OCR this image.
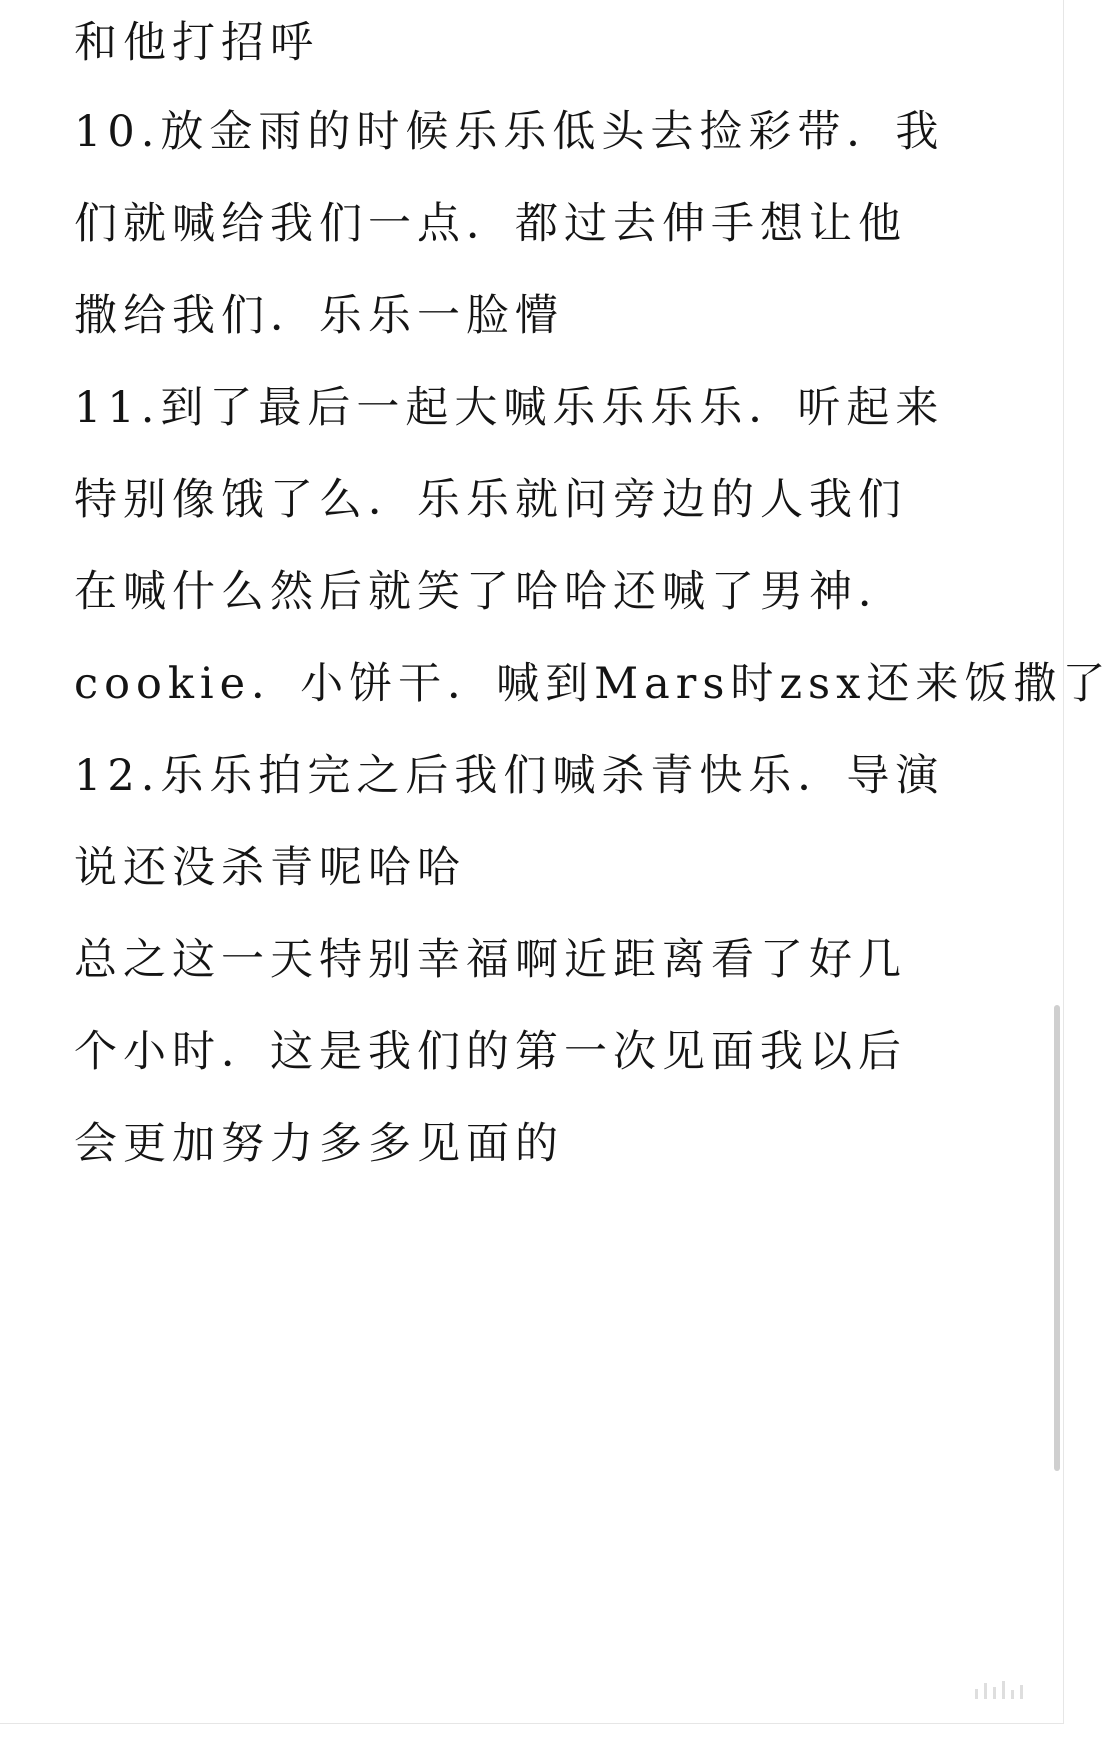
和他打招呼
10.放金雨的时候乐乐低头去捡彩带．我
们就喊给我们一点．都过去伸手想让他
撒给我们．乐乐一脸懵
11.到了最后一起大喊乐乐乐乐．听起来
特别像饿了么．乐乐就问旁边的人我们
在喊什么然后就笑了哈哈还喊了男神．
cookie．小饼干．喊到Mars时zsx还来饭撒了
12.乐乐拍完之后我们喊杀青快乐．导演
说还没杀青呢哈哈
总之这一天特别幸福啊近距离看了好几
个小时．这是我们的第一次见面我以后
会更加努力多多见面的
